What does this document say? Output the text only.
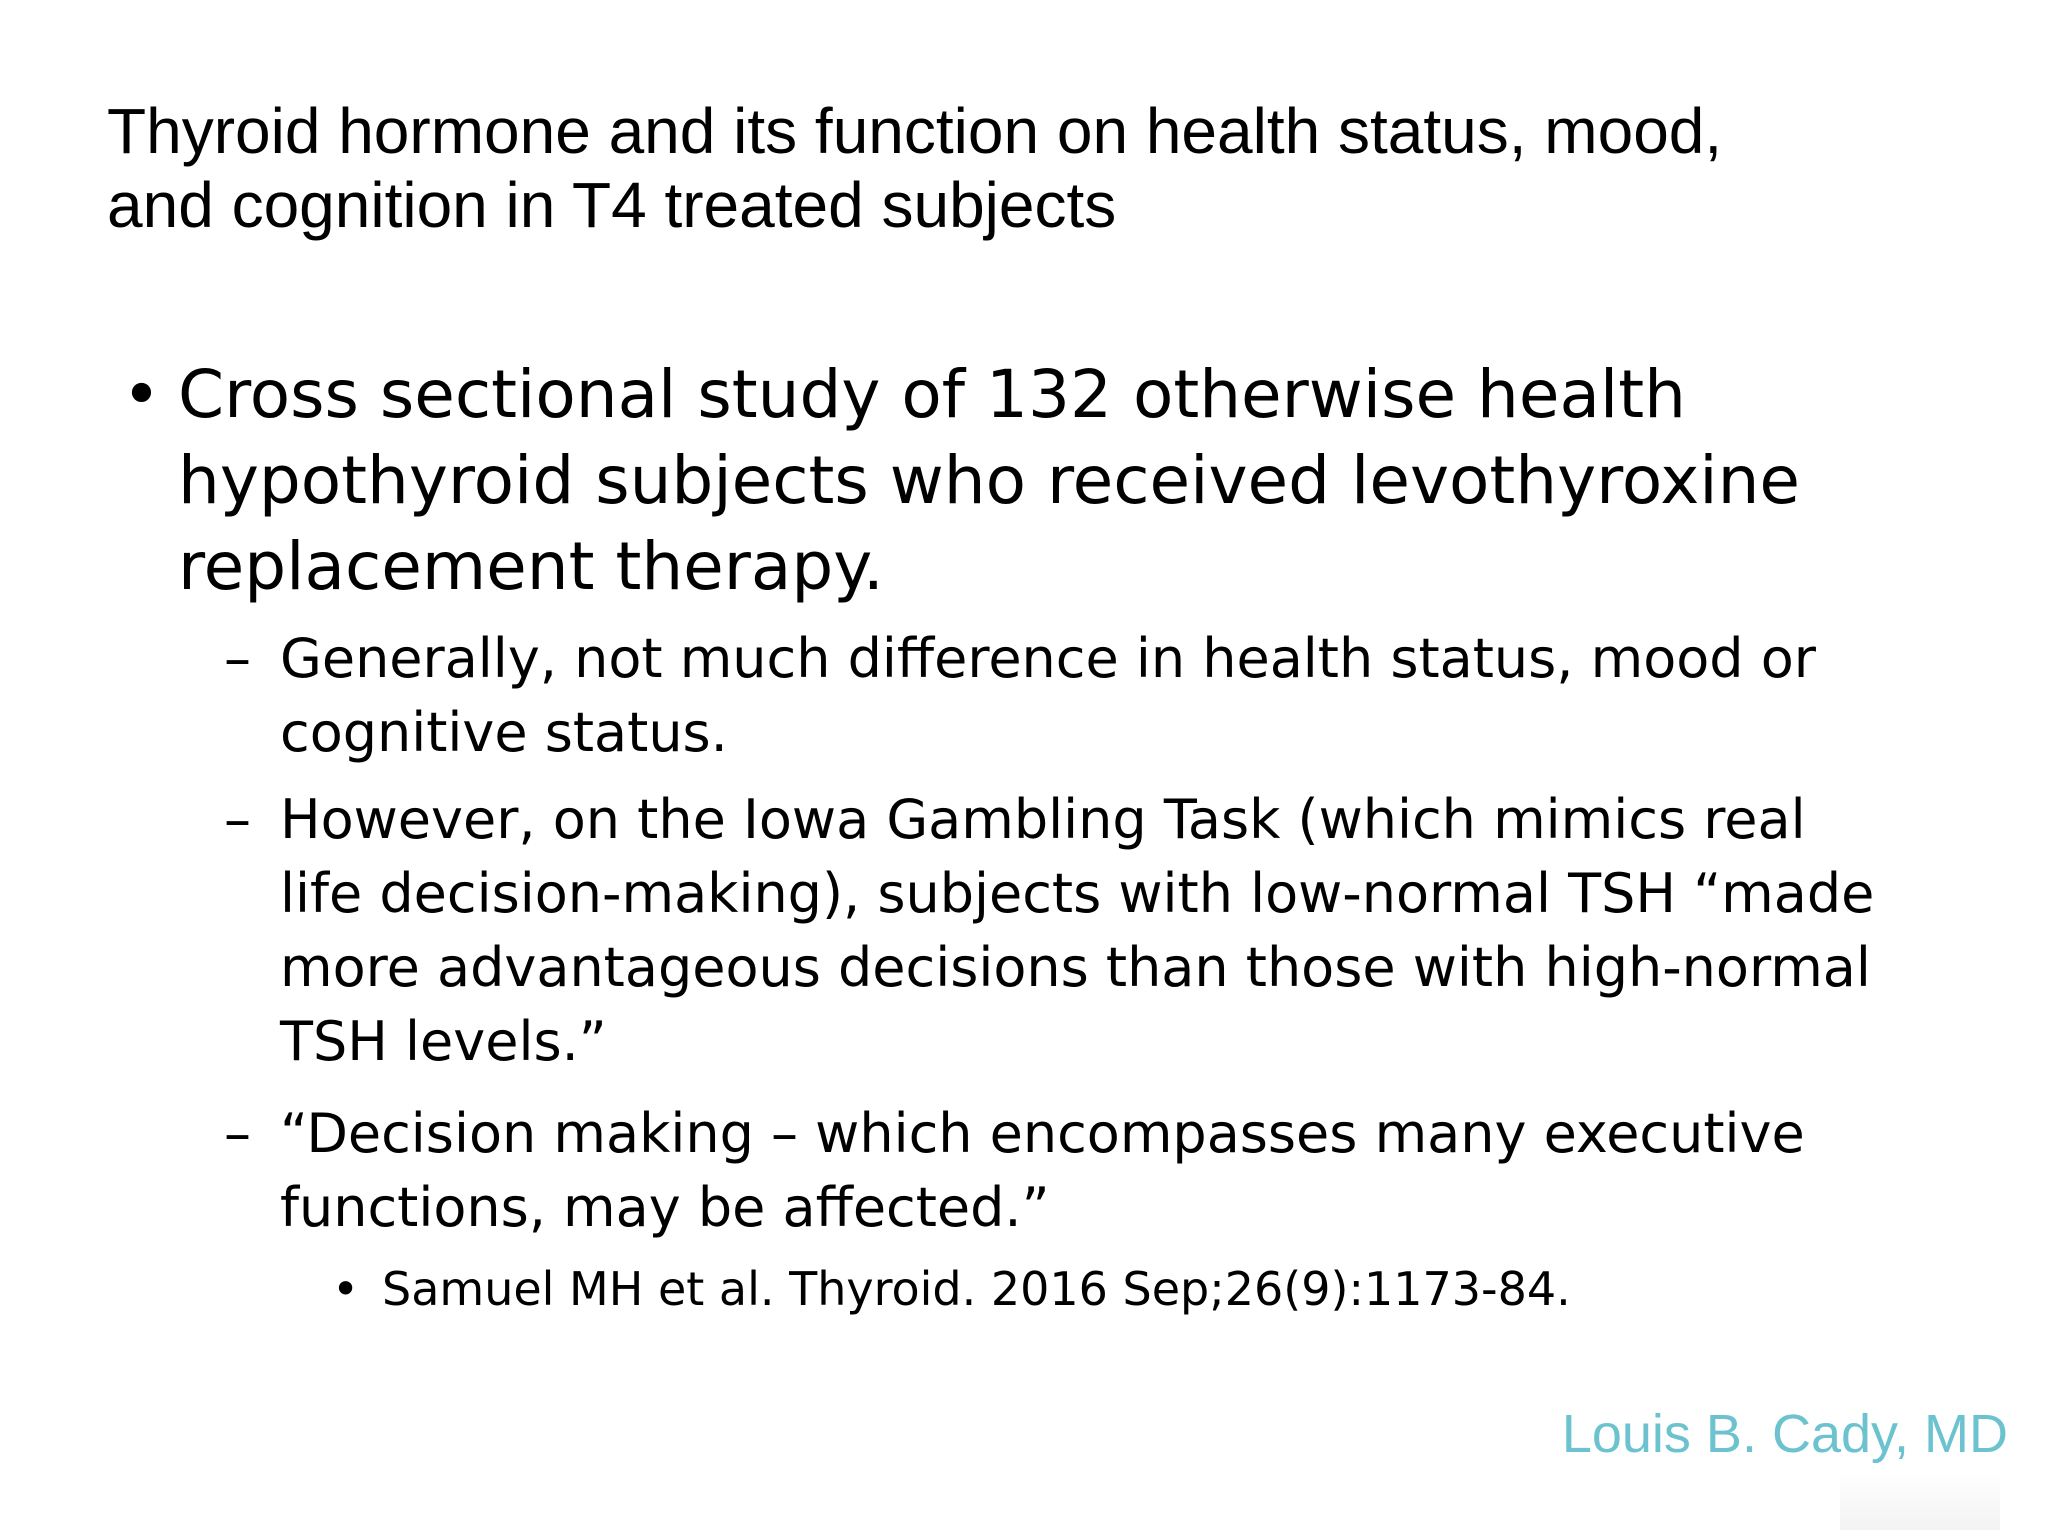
Thyroid hormone and its function on health status, mood,
and cognition in T4 treated subjects
• Cross sectional study of 132 otherwise health
hypothyroid subjects who received levothyroxine
replacement therapy.
– Generally, not much difference in health status, mood or
cognitive status.
– However, on the Iowa Gambling Task (which mimics real
life decision-making), subjects with low-normal TSH “made
more advantageous decisions than those with high-normal
TSH levels.”
– “Decision making – which encompasses many executive
functions, may be affected.”
• Samuel MH et al. Thyroid. 2016 Sep;26(9):1173-84.
Louis B. Cady, MD
